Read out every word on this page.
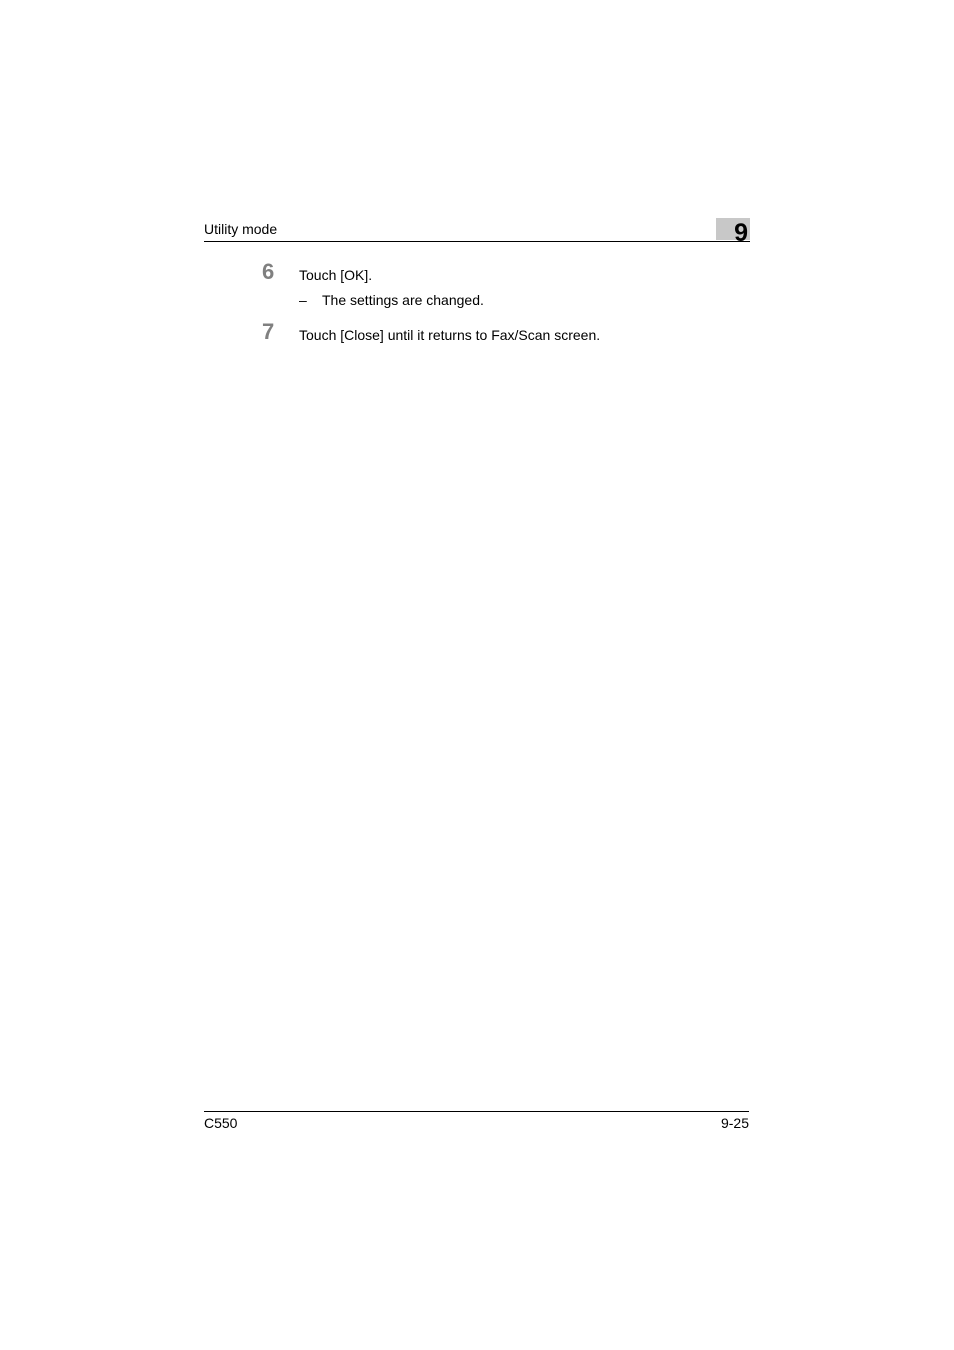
Utility mode	9
6 Touch [OK].
– The settings are changed.
7 Touch [Close] until it returns to Fax/Scan screen.
C550	9-25
